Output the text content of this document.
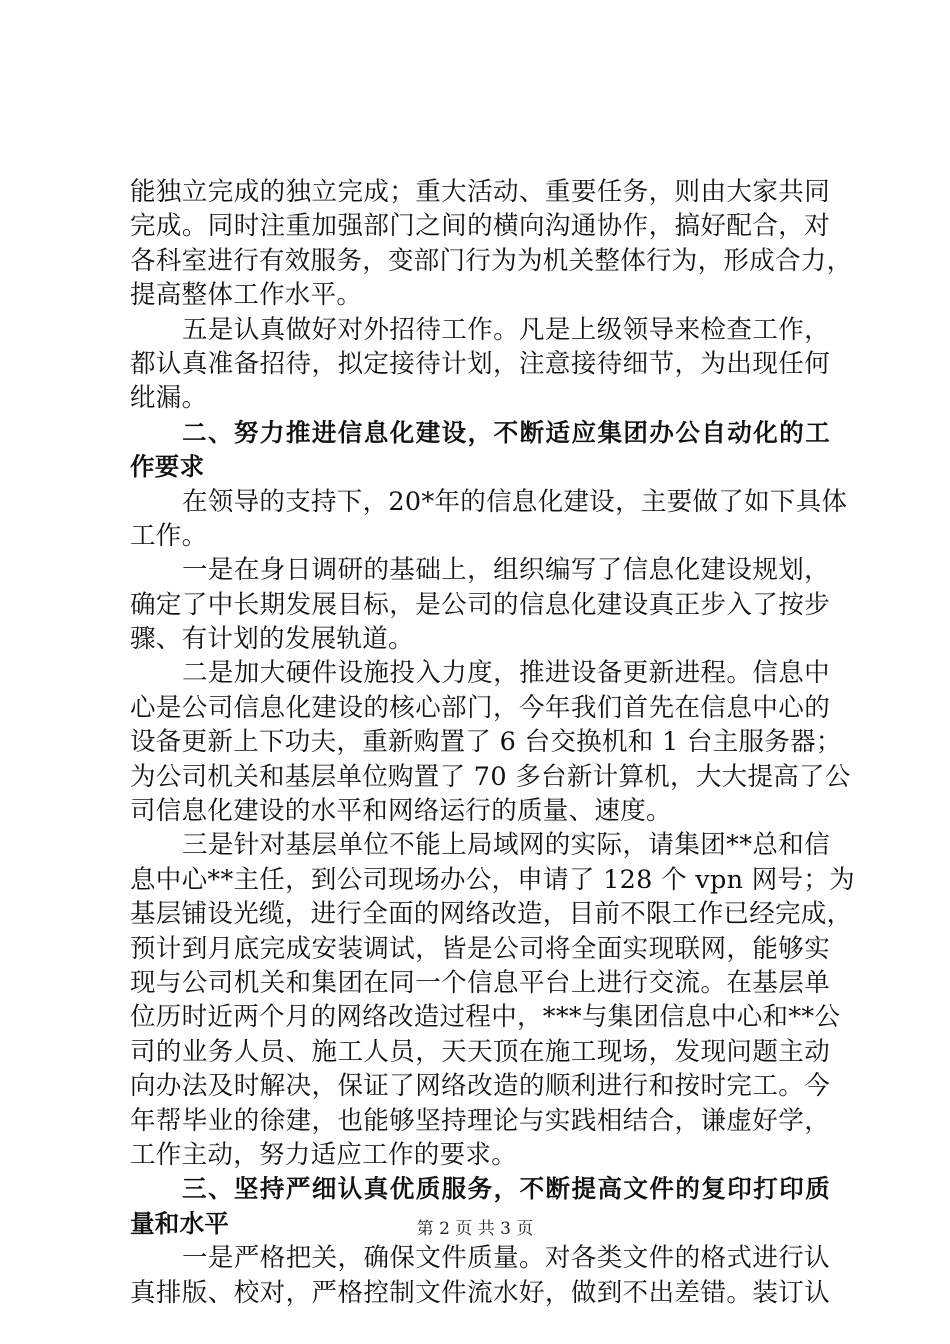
能独立完成的独立完成；重大活动、重要任务，则由大家共同
完成。同时注重加强部门之间的横向沟通协作，搞好配合，对
各科室进行有效服务，变部门行为为机关整体行为，形成合力，
提高整体工作水平。
五是认真做好对外招待工作。凡是上级领导来检查工作，
都认真准备招待，拟定接待计划，注意接待细节，为出现任何
纰漏。
二、努力推进信息化建设，不断适应集团办公自动化的工
作要求
在领导的支持下，20*年的信息化建设，主要做了如下具体
工作。
一是在身日调研的基础上，组织编写了信息化建设规划，
确定了中长期发展目标，是公司的信息化建设真正步入了按步
骤、有计划的发展轨道。
二是加大硬件设施投入力度，推进设备更新进程。信息中
心是公司信息化建设的核心部门，今年我们首先在信息中心的
设备更新上下功夫，重新购置了 6 台交换机和 1 台主服务器；
为公司机关和基层单位购置了 70 多台新计算机，大大提高了公
司信息化建设的水平和网络运行的质量、速度。
三是针对基层单位不能上局域网的实际，请集团**总和信
息中心**主任，到公司现场办公，申请了 128 个 vpn 网号；为
基层铺设光缆，进行全面的网络改造，目前不限工作已经完成，
预计到月底完成安装调试，皆是公司将全面实现联网，能够实
现与公司机关和集团在同一个信息平台上进行交流。在基层单
位历时近两个月的网络改造过程中，***与集团信息中心和**公
司的业务人员、施工人员，天天顶在施工现场，发现问题主动
向办法及时解决，保证了网络改造的顺利进行和按时完工。今
年帮毕业的徐建，也能够坚持理论与实践相结合，谦虚好学，
工作主动，努力适应工作的要求。
三、坚持严细认真优质服务，不断提高文件的复印打印质
量和水平
一是严格把关，确保文件质量。对各类文件的格式进行认
真排版、校对，严格控制文件流水好，做到不出差错。装订认
第 2 页 共 3 页
